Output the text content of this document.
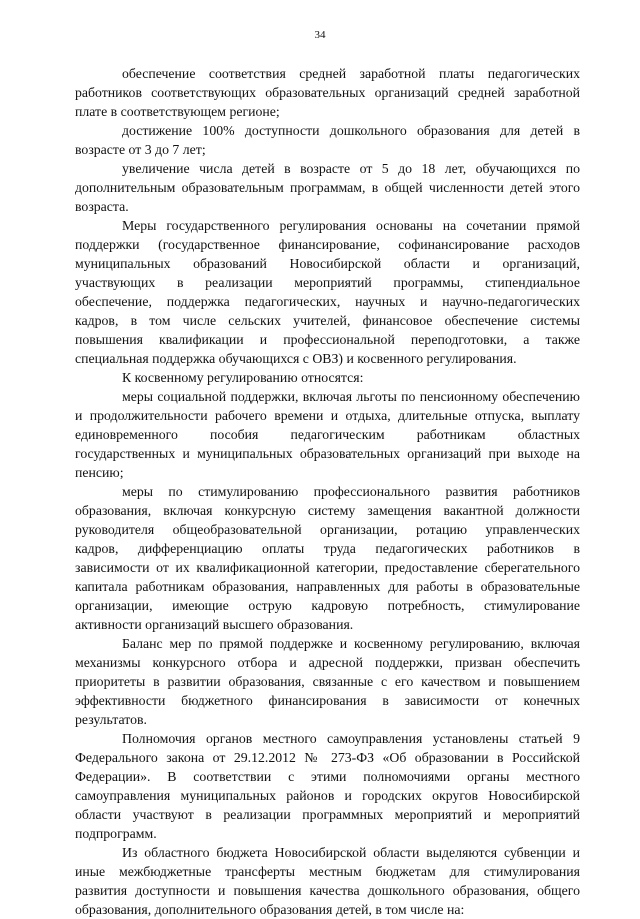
34
обеспечение соответствия средней заработной платы педагогических
работников соответствующих образовательных организаций средней заработной
плате в соответствующем регионе;
достижение 100% доступности дошкольного образования для детей в
возрасте от 3 до 7 лет;
увеличение числа детей в возрасте от 5 до 18 лет, обучающихся по
дополнительным образовательным программам, в общей численности детей этого
возраста.
Меры государственного регулирования основаны на сочетании прямой
поддержки (государственное финансирование, софинансирование расходов
муниципальных образований Новосибирской области и организаций,
участвующих в реализации мероприятий программы, стипендиальное
обеспечение, поддержка педагогических, научных и научно-педагогических
кадров, в том числе сельских учителей, финансовое обеспечение системы
повышения квалификации и профессиональной переподготовки, а также
специальная поддержка обучающихся с ОВЗ) и косвенного регулирования.
К косвенному регулированию относятся:
меры социальной поддержки, включая льготы по пенсионному обеспечению
и продолжительности рабочего времени и отдыха, длительные отпуска, выплату
единовременного пособия педагогическим работникам областных
государственных и муниципальных образовательных организаций при выходе на
пенсию;
меры по стимулированию профессионального развития работников
образования, включая конкурсную систему замещения вакантной должности
руководителя общеобразовательной организации, ротацию управленческих
кадров, дифференциацию оплаты труда педагогических работников в
зависимости от их квалификационной категории, предоставление сберегательного
капитала работникам образования, направленных для работы в образовательные
организации, имеющие острую кадровую потребность, стимулирование
активности организаций высшего образования.
Баланс мер по прямой поддержке и косвенному регулированию, включая
механизмы конкурсного отбора и адресной поддержки, призван обеспечить
приоритеты в развитии образования, связанные с его качеством и повышением
эффективности бюджетного финансирования в зависимости от конечных
результатов.
Полномочия органов местного самоуправления установлены статьей 9
Федерального закона от 29.12.2012 № 273-ФЗ «Об образовании в Российской
Федерации». В соответствии с этими полномочиями органы местного
самоуправления муниципальных районов и городских округов Новосибирской
области участвуют в реализации программных мероприятий и мероприятий
подпрограмм.
Из областного бюджета Новосибирской области выделяются субвенции и
иные межбюджетные трансферты местным бюджетам для стимулирования
развития доступности и повышения качества дошкольного образования, общего
образования, дополнительного образования детей, в том числе на:
